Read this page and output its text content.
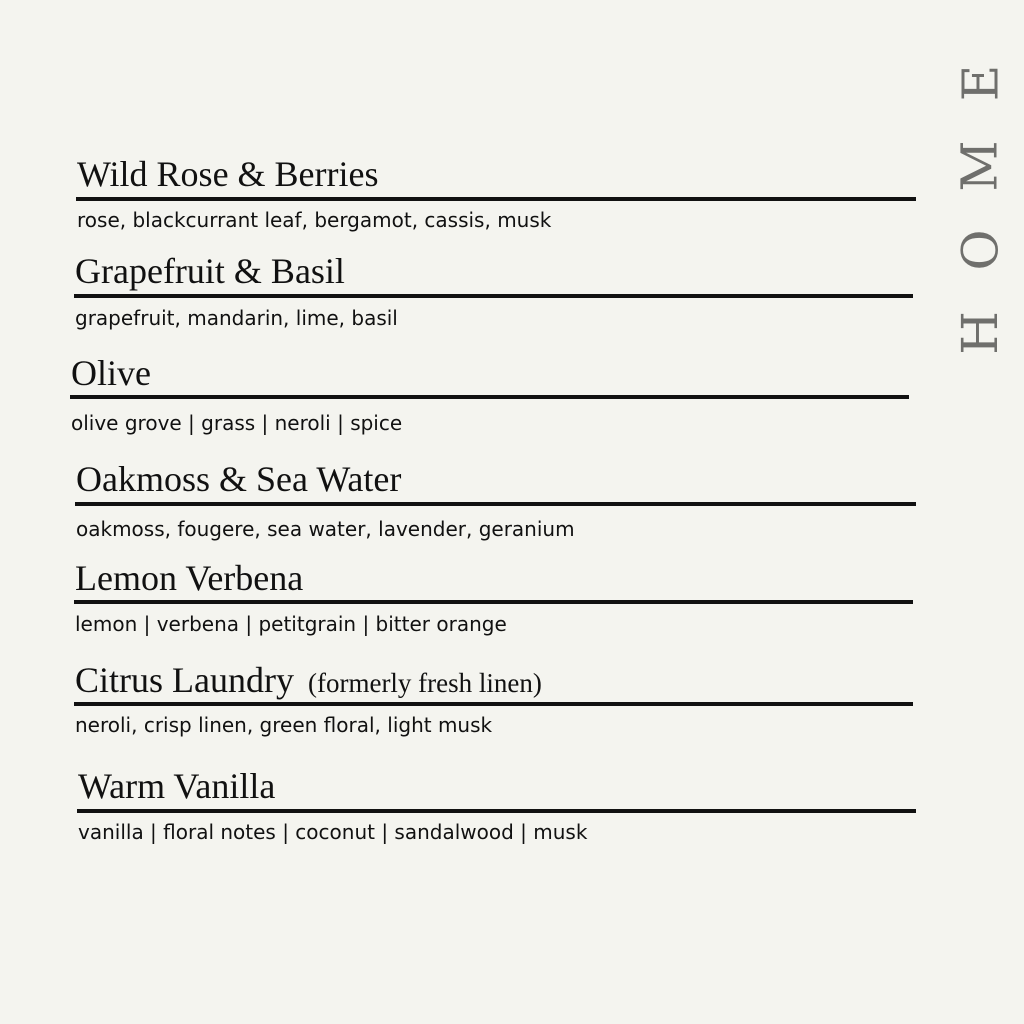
E
M
O
H
Wild Rose & Berries
rose, blackcurrant leaf, bergamot, cassis, musk
Grapefruit & Basil
grapefruit, mandarin, lime, basil
Olive
olive grove | grass | neroli | spice
Oakmoss & Sea Water
oakmoss, fougere, sea water, lavender, geranium
Lemon Verbena
lemon | verbena | petitgrain | bitter orange
Citrus Laundry (formerly fresh linen)
neroli, crisp linen, green floral, light musk
Warm Vanilla
vanilla | floral notes | coconut | sandalwood | musk
